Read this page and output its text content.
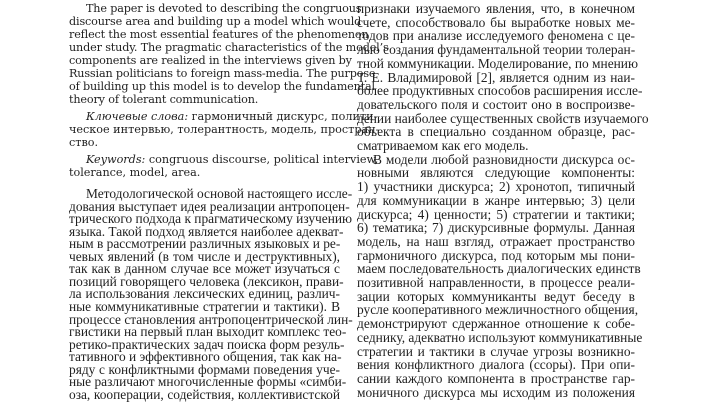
The paper is devoted to describing the congruous
discourse area and building up a model which would
reflect the most essential features of the phenomenon
under study. The pragmatic characteristics of the model’s
components are realized in the interviews given by
Russian politicians to foreign mass-media. The purpose
of building up this model is to develop the fundamental
theory of tolerant communication.
Ключевые слова: гармоничный дискурс, полити-
ческое интервью, толерантность, модель, простран-
ство.
Keywords: congruous discourse, political interview,
tolerance, model, area.
Методологической основой настоящего иссле-
дования выступает идея реализации антропоцен-
трического подхода к прагматическому изучению
языка. Такой подход является наиболее адекват-
ным в рассмотрении различных языковых и ре-
чевых явлений (в том числе и деструктивных),
так как в данном случае все может изучаться с
позиций говорящего человека (лексикон, прави-
ла использования лексических единиц, различ-
ные коммуникативные стратегии и тактики). В
процессе становления антропоцентрической лин-
гвистики на первый план выходит комплекс тео-
ретико-практических задач поиска форм резуль-
тативного и эффективного общения, так как на-
ряду с конфликтными формами поведения уче-
ные различают многочисленные формы «симби-
оза, кооперации, содействия, коллективистской
признаки изучаемого явления, что, в конечном
счете, способствовало бы выработке новых ме-
тодов при анализе исследуемого феномена с це-
лью создания фундаментальной теории толеран-
тной коммуникации. Моделирование, по мнению
Т. Е. Владимировой [2], является одним из наи-
более продуктивных способов расширения иссле-
довательского поля и состоит оно в воспроизве-
дении наиболее существенных свойств изучаемого
объекта в специально созданном образце, рас-
сматриваемом как его модель.
В модели любой разновидности дискурса ос-
новными являются следующие компоненты:
1) участники дискурса; 2) хронотоп, типичный
для коммуникации в жанре интервью; 3) цели
дискурса; 4) ценности; 5) стратегии и тактики;
6) тематика; 7) дискурсивные формулы. Данная
модель, на наш взгляд, отражает пространство
гармоничного дискурса, под которым мы пони-
маем последовательность диалогических единств
позитивной направленности, в процессе реали-
зации которых коммуниканты ведут беседу в
русле кооперативного межличностного общения,
демонстрируют сдержанное отношение к собе-
седнику, адекватно используют коммуникативные
стратегии и тактики в случае угрозы возникно-
вения конфликтного диалога (ссоры). При опи-
сании каждого компонента в пространстве гар-
моничного дискурса мы исходим из положения
